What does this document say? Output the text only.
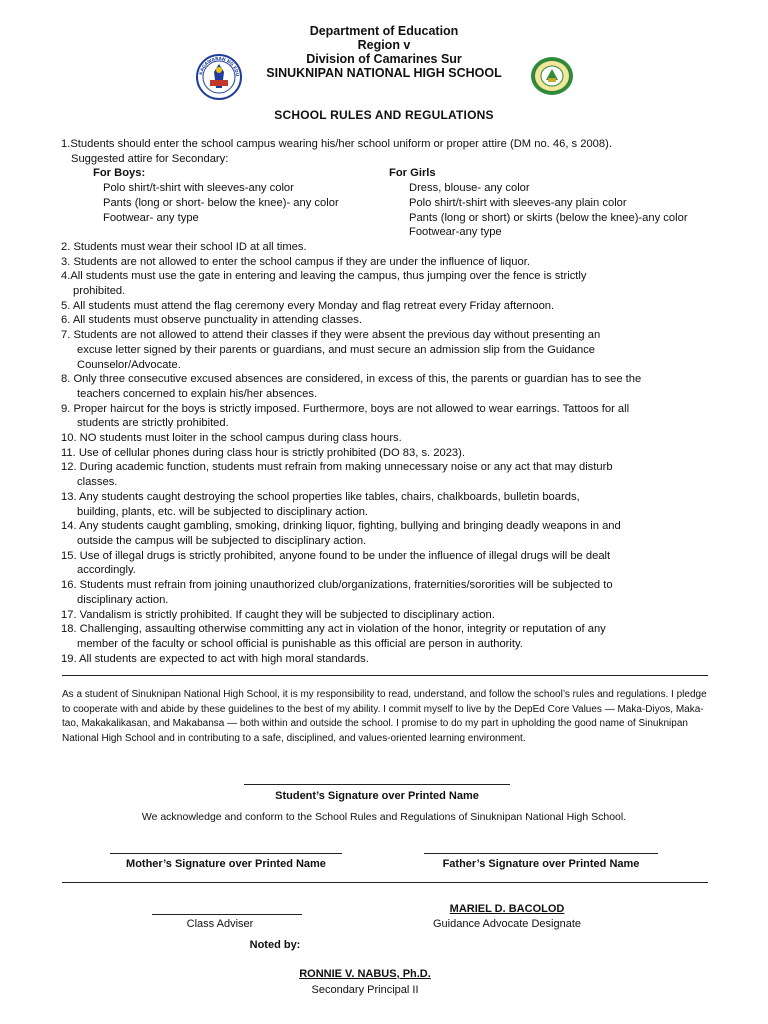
Department of Education
Region v
Division of Camarines Sur
SINUKNIPAN NATIONAL HIGH SCHOOL
KAGAWARAN NG EDU
SCHOOL RULES AND REGULATIONS
1.Students should enter the school campus wearing his/her school uniform or proper attire (DM no. 46, s 2008).
Suggested attire for Secondary:
For Boys:
Polo shirt/t-shirt with sleeves-any color
Pants (long or short- below the knee)- any color
Footwear- any type
For Girls
Dress, blouse- any color
Polo shirt/t-shirt with sleeves-any plain color
Pants (long or short) or skirts (below the knee)-any color
Footwear-any type
2. Students must wear their school ID at all times.
3. Students are not allowed to enter the school campus if they are under the influence of liquor.
4.All students must use the gate in entering and leaving the campus, thus jumping over the fence is strictly
prohibited.
5. All students must attend the flag ceremony every Monday and flag retreat every Friday afternoon.
6. All students must observe punctuality in attending classes.
7. Students are not allowed to attend their classes if they were absent the previous day without presenting an
excuse letter signed by their parents or guardians, and must secure an admission slip from the Guidance
Counselor/Advocate.
8. Only three consecutive excused absences are considered, in excess of this, the parents or guardian has to see the
teachers concerned to explain his/her absences.
9. Proper haircut for the boys is strictly imposed. Furthermore, boys are not allowed to wear earrings. Tattoos for all
students are strictly prohibited.
10. NO students must loiter in the school campus during class hours.
11. Use of cellular phones during class hour is strictly prohibited (DO 83, s. 2023).
12. During academic function, students must refrain from making unnecessary noise or any act that may disturb
classes.
13. Any students caught destroying the school properties like tables, chairs, chalkboards, bulletin boards,
building, plants, etc. will be subjected to disciplinary action.
14. Any students caught gambling, smoking, drinking liquor, fighting, bullying and bringing deadly weapons in and
outside the campus will be subjected to disciplinary action.
15. Use of illegal drugs is strictly prohibited, anyone found to be under the influence of illegal drugs will be dealt
accordingly.
16. Students must refrain from joining unauthorized club/organizations, fraternities/sororities will be subjected to
disciplinary action.
17. Vandalism is strictly prohibited. If caught they will be subjected to disciplinary action.
18. Challenging, assaulting otherwise committing any act in violation of the honor, integrity or reputation of any
member of the faculty or school official is punishable as this official are person in authority.
19. All students are expected to act with high moral standards.
As a student of Sinuknipan National High School, it is my responsibility to read, understand, and follow the school’s rules and regulations. I pledge to cooperate with and abide by these guidelines to the best of my ability. I commit myself to live by the DepEd Core Values — Maka-Diyos, Maka-tao, Makakalikasan, and Makabansa — both within and outside the school. I promise to do my part in upholding the good name of Sinuknipan National High School and in contributing to a safe, disciplined, and values-oriented learning environment.
Student’s Signature over Printed Name
We acknowledge and conform to the School Rules and Regulations of Sinuknipan National High School.
Mother’s Signature over Printed Name	Father’s Signature over Printed Name
Class Adviser
MARIEL D. BACOLOD
Guidance Advocate Designate
Noted by:
RONNIE V. NABUS, Ph.D.
Secondary Principal II
